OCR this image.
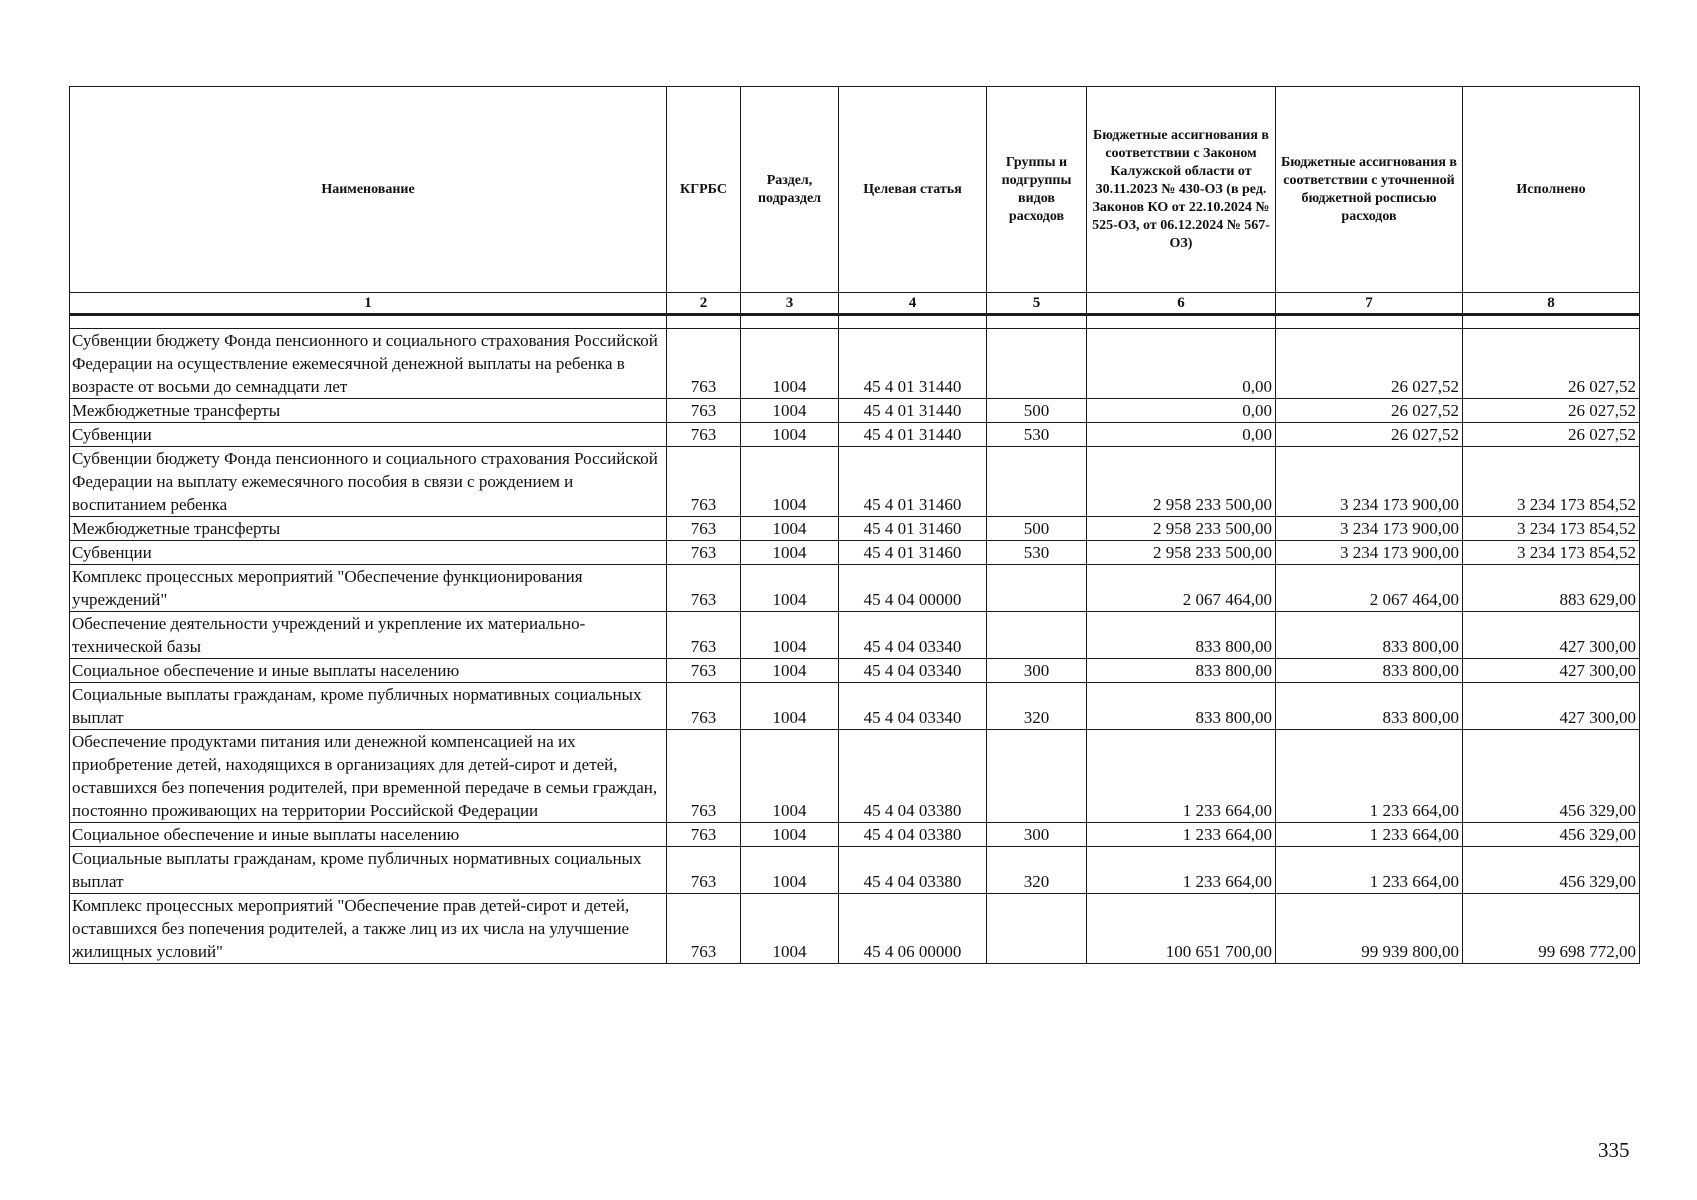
Наименование	КГРБС	Раздел, подраздел	Целевая статья	Группы и подгруппы видов расходов	Бюджетные ассигнования в соответствии с Законом Калужской области от 30.11.2023 № 430-ОЗ (в ред. Законов КО от 22.10.2024 № 525-ОЗ, от 06.12.2024 № 567-ОЗ)	Бюджетные ассигнования в соответствии с уточненной бюджетной росписью расходов	Исполнено
1	2	3	4	5	6	7	8

Субвенции бюджету Фонда пенсионного и социального страхования Российской Федерации на осуществление ежемесячной денежной выплаты на ребенка в возрасте от восьми до семнадцати лет	763	1004	45 4 01 31440		0,00	26 027,52	26 027,52
Межбюджетные трансферты	763	1004	45 4 01 31440	500	0,00	26 027,52	26 027,52
Субвенции	763	1004	45 4 01 31440	530	0,00	26 027,52	26 027,52
Субвенции бюджету Фонда пенсионного и социального страхования Российской Федерации на выплату ежемесячного пособия в связи с рождением и воспитанием ребенка	763	1004	45 4 01 31460		2 958 233 500,00	3 234 173 900,00	3 234 173 854,52
Межбюджетные трансферты	763	1004	45 4 01 31460	500	2 958 233 500,00	3 234 173 900,00	3 234 173 854,52
Субвенции	763	1004	45 4 01 31460	530	2 958 233 500,00	3 234 173 900,00	3 234 173 854,52
Комплекс процессных мероприятий "Обеспечение функционирования учреждений"	763	1004	45 4 04 00000		2 067 464,00	2 067 464,00	883 629,00
Обеспечение деятельности учреждений и укрепление их материально-технической базы	763	1004	45 4 04 03340		833 800,00	833 800,00	427 300,00
Социальное обеспечение и иные выплаты населению	763	1004	45 4 04 03340	300	833 800,00	833 800,00	427 300,00
Социальные выплаты гражданам, кроме публичных нормативных социальных выплат	763	1004	45 4 04 03340	320	833 800,00	833 800,00	427 300,00
Обеспечение продуктами питания или денежной компенсацией на их приобретение детей, находящихся в организациях для детей-сирот и детей, оставшихся без попечения родителей, при временной передаче в семьи граждан, постоянно проживающих на территории Российской Федерации	763	1004	45 4 04 03380		1 233 664,00	1 233 664,00	456 329,00
Социальное обеспечение и иные выплаты населению	763	1004	45 4 04 03380	300	1 233 664,00	1 233 664,00	456 329,00
Социальные выплаты гражданам, кроме публичных нормативных социальных выплат	763	1004	45 4 04 03380	320	1 233 664,00	1 233 664,00	456 329,00
Комплекс процессных мероприятий "Обеспечение прав детей-сирот и детей, оставшихся без попечения родителей, а также лиц из их числа на улучшение жилищных условий"	763	1004	45 4 06 00000		100 651 700,00	99 939 800,00	99 698 772,00
335
